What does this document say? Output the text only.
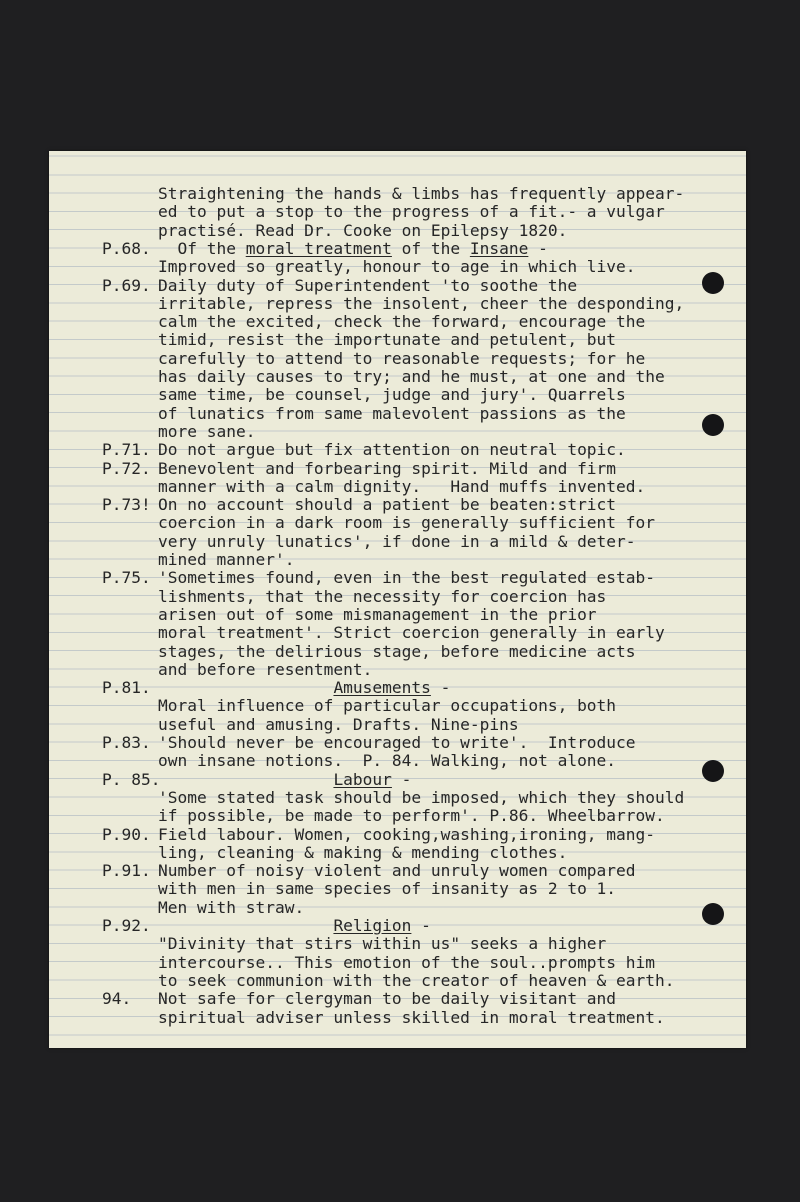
Straightening the hands & limbs has frequently appear-
ed to put a stop to the progress of a fit.- a vulgar
practisé. Read Dr. Cooke on Epilepsy 1820.
P.68. Of the moral treatment of the Insane -
Improved so greatly, honour to age in which live.
P.69. Daily duty of Superintendent 'to soothe the
irritable, repress the insolent, cheer the desponding,
calm the excited, check the forward, encourage the
timid, resist the importunate and petulent, but
carefully to attend to reasonable requests; for he
has daily causes to try; and he must, at one and the
same time, be counsel, judge and jury'. Quarrels
of lunatics from same malevolent passions as the
more sane.
P.71. Do not argue but fix attention on neutral topic.
P.72. Benevolent and forbearing spirit. Mild and firm
manner with a calm dignity.   Hand muffs invented.
P.73! On no account should a patient be beaten:strict
coercion in a dark room is generally sufficient for
very unruly lunatics', if done in a mild & deter-
mined manner'.
P.75. 'Sometimes found, even in the best regulated estab-
lishments, that the necessity for coercion has
arisen out of some mismanagement in the prior
moral treatment'. Strict coercion generally in early
stages, the delirious stage, before medicine acts
and before resentment.
P.81.	Amusements -
Moral influence of particular occupations, both
useful and amusing. Drafts. Nine-pins
P.83. 'Should never be encouraged to write'.  Introduce
own insane notions.  P. 84. Walking, not alone.
P. 85.	Labour -
'Some stated task should be imposed, which they should
if possible, be made to perform'. P.86. Wheelbarrow.
P.90. Field labour. Women, cooking,washing,ironing, mang-
ling, cleaning & making & mending clothes.
P.91. Number of noisy violent and unruly women compared
with men in same species of insanity as 2 to 1.
Men with straw.
P.92.	Religion -
"Divinity that stirs within us" seeks a higher
intercourse.. This emotion of the soul..prompts him
to seek communion with the creator of heaven & earth.
94. Not safe for clergyman to be daily visitant and
spiritual adviser unless skilled in moral treatment.
